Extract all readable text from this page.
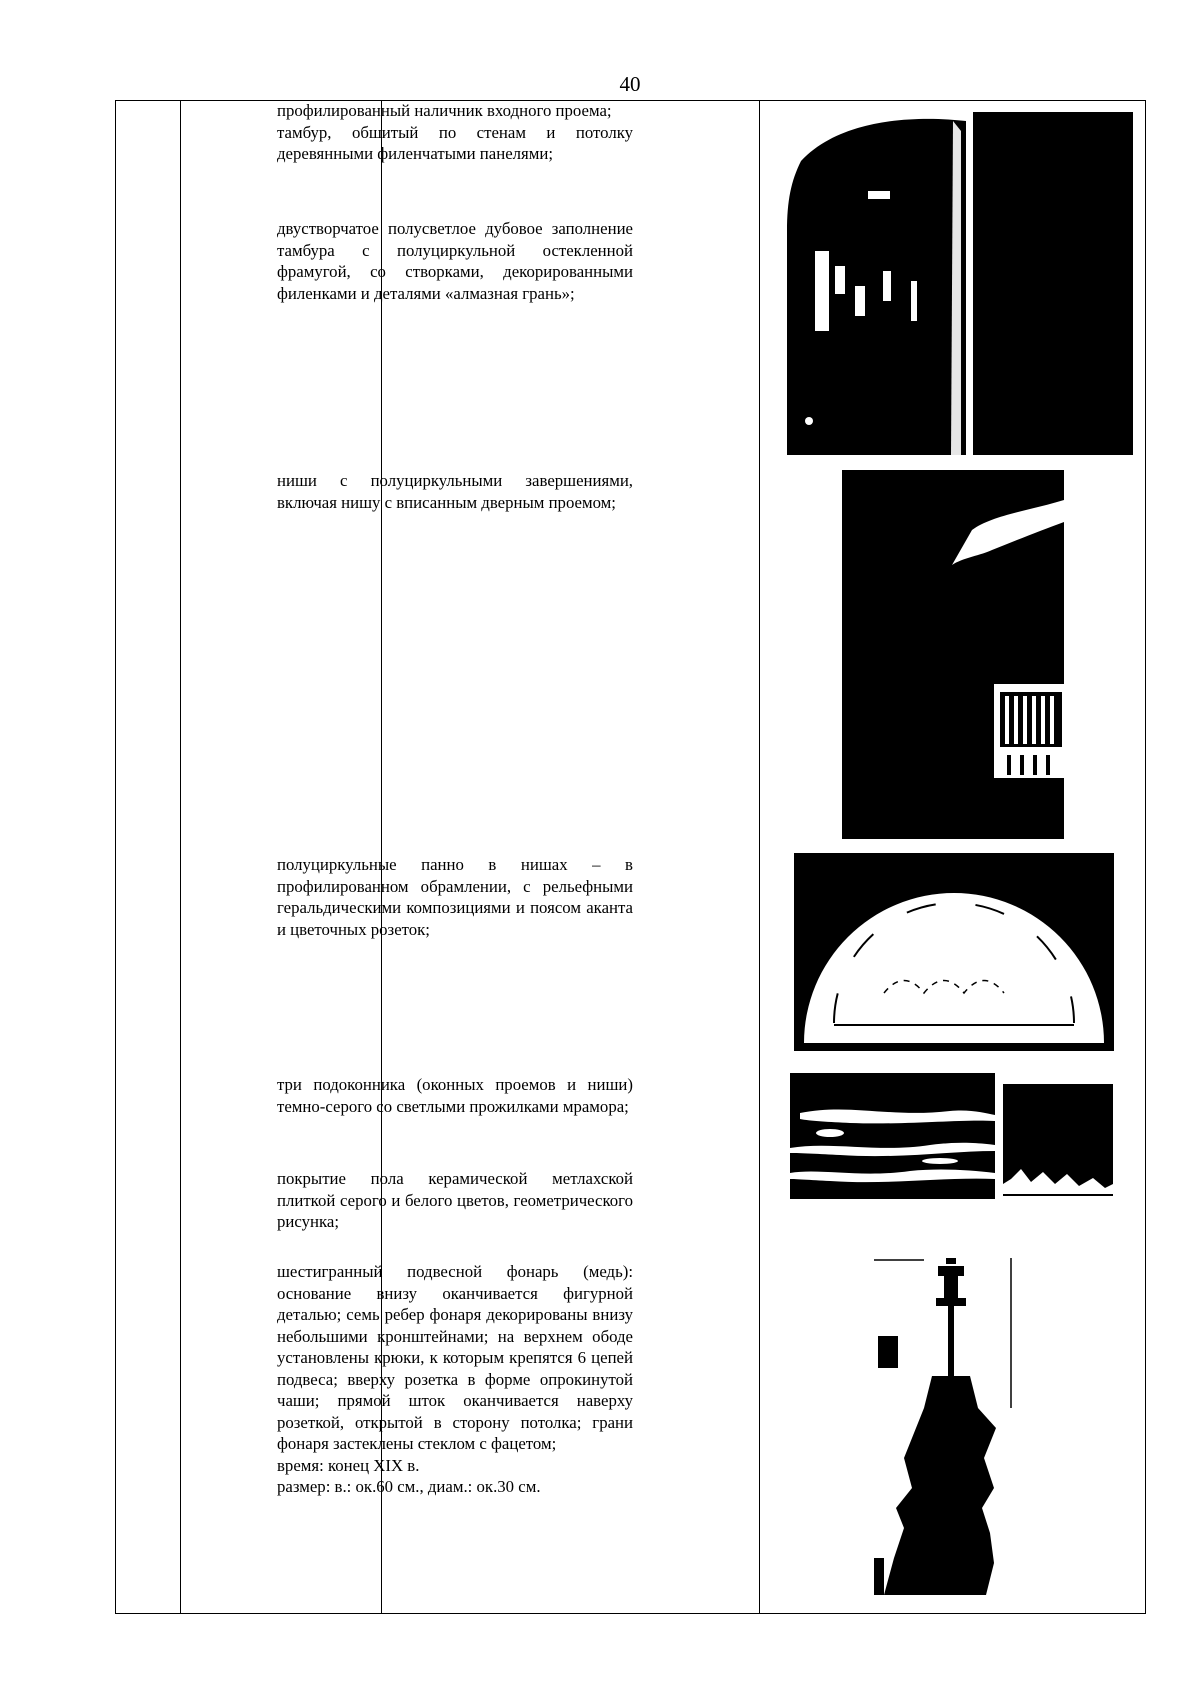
40

профилированный наличник входного проема;

тамбур, обшитый по стенам и потолку деревянными филенчатыми панелями;

двустворчатое полусветлое дубовое заполнение тамбура с полуциркульной остекленной фрамугой, со створками, декорированными филенками и деталями «алмазная грань»;

ниши с полуциркульными завершениями, включая нишу с вписанным дверным проемом;

полуциркульные панно в нишах – в профилированном обрамлении, с рельефными геральдическими композициями и поясом аканта и цветочных розеток;

три подоконника (оконных проемов и ниши) темно-серого со светлыми прожилками мрамора;

покрытие пола керамической метлахской плиткой серого и белого цветов, геометрического рисунка;

шестигранный подвесной фонарь (медь): основание внизу оканчивается фигурной деталью; семь ребер фонаря декорированы внизу небольшими кронштейнами; на верхнем ободе установлены крюки, к которым крепятся 6 цепей подвеса; вверху розетка в форме опрокинутой чаши; прямой шток оканчивается наверху розеткой, открытой в сторону потолка; грани фонаря застеклены стеклом с фацетом;

время: конец XIX в.

размер: в.: ок.60 см., диам.: ок.30 см.
